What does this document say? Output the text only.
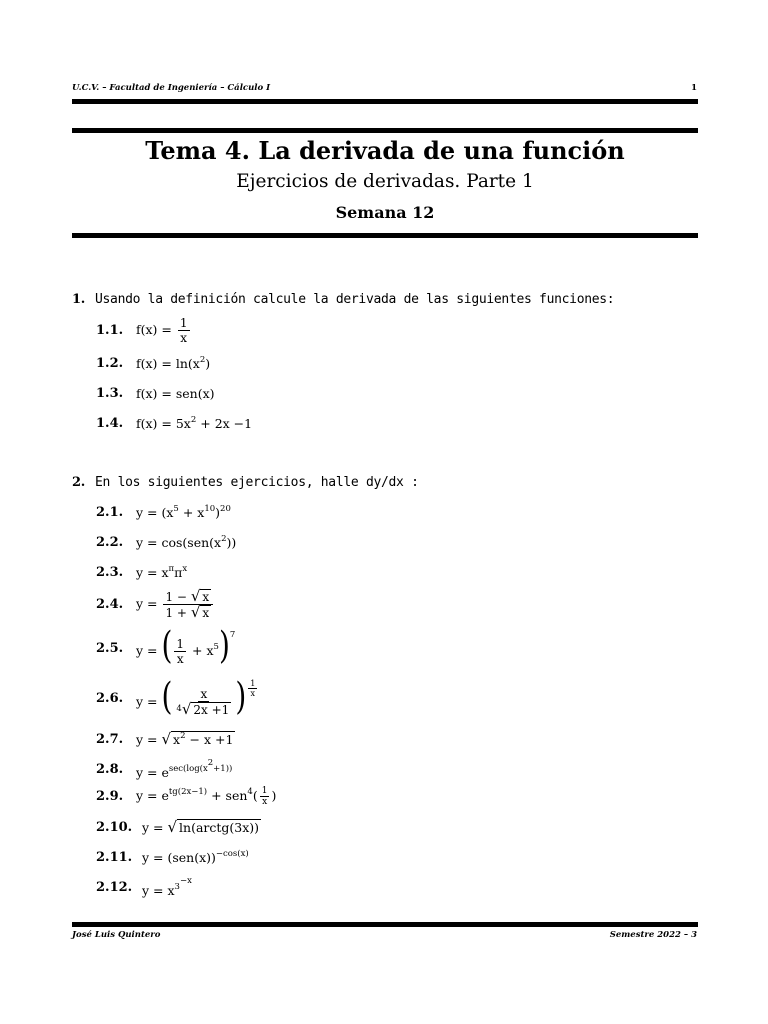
U.C.V. – Facultad de Ingeniería – Cálculo I	1
Tema 4. La derivada de una función
Ejercicios de derivadas. Parte 1
Semana 12
1. Usando la definición calcule la derivada de las siguientes funciones:
1.1.	$f(x) = \frac{1}{x}$
1.2.	$f(x) = \ln(x^2)$
1.3.	f(x) = sen(x)
1.4.	$f(x) = 5x^2 + 2x -1$
2. En los siguientes ejercicios, halle dy/dx :
2.1.	$y = (x^5 + x^{10})^{20}$
2.2.	$y = \cos(sen(x^2))$
2.3.	$y = x^\pi\pi^x$
2.4.	$y = \frac{1 - √ x}{1 + √ x}$
2.5.	y = ( $\frac{1}{x} + x^5)^7$
2.6.	y = ( $\frac{x}{^4√ 2x +1}$ ) $\frac{1}{x}$
2.7.	y = √ $x^2 - x +1$
2.8.	$y = e^{sec(log(x^2+1))}$
2.9.	$y = e^{tg(2x-1)} + sen^4( \frac{1}{x}$ )
2.10. y = √ ln(arctg(3x))
2.11. $y = (sen(x))^{-cos(x)}$
2.12. $y = x^{3^{-x}}$
José Luis Quintero	Semestre 2022 – 3
